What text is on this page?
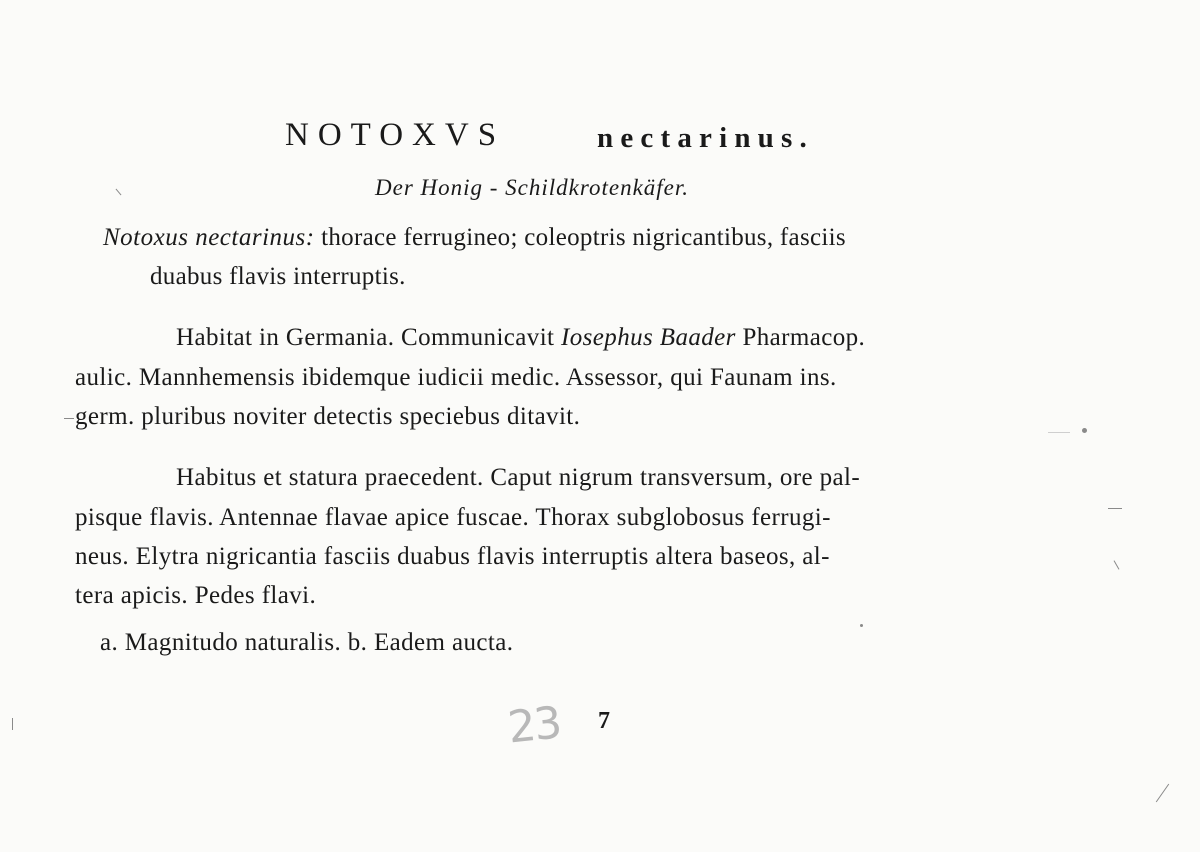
NOTOXVS	nectarinus.
Der Honig - Schildkrotenkäfer.
Notoxus nectarinus: thorace ferrugineo; coleoptris nigricantibus, fasciis
duabus flavis interruptis.
Habitat in Germania. Communicavit Iosephus Baader Pharmacop.
aulic. Mannhemensis ibidemque iudicii medic. Assessor, qui Faunam ins.
germ. pluribus noviter detectis speciebus ditavit.
Habitus et statura praecedent. Caput nigrum transversum, ore pal-
pisque flavis. Antennae flavae apice fuscae. Thorax subglobosus ferrugi-
neus. Elytra nigricantia fasciis duabus flavis interruptis altera baseos, al-
tera apicis. Pedes flavi.
a. Magnitudo naturalis. b. Eadem aucta.
23 7
